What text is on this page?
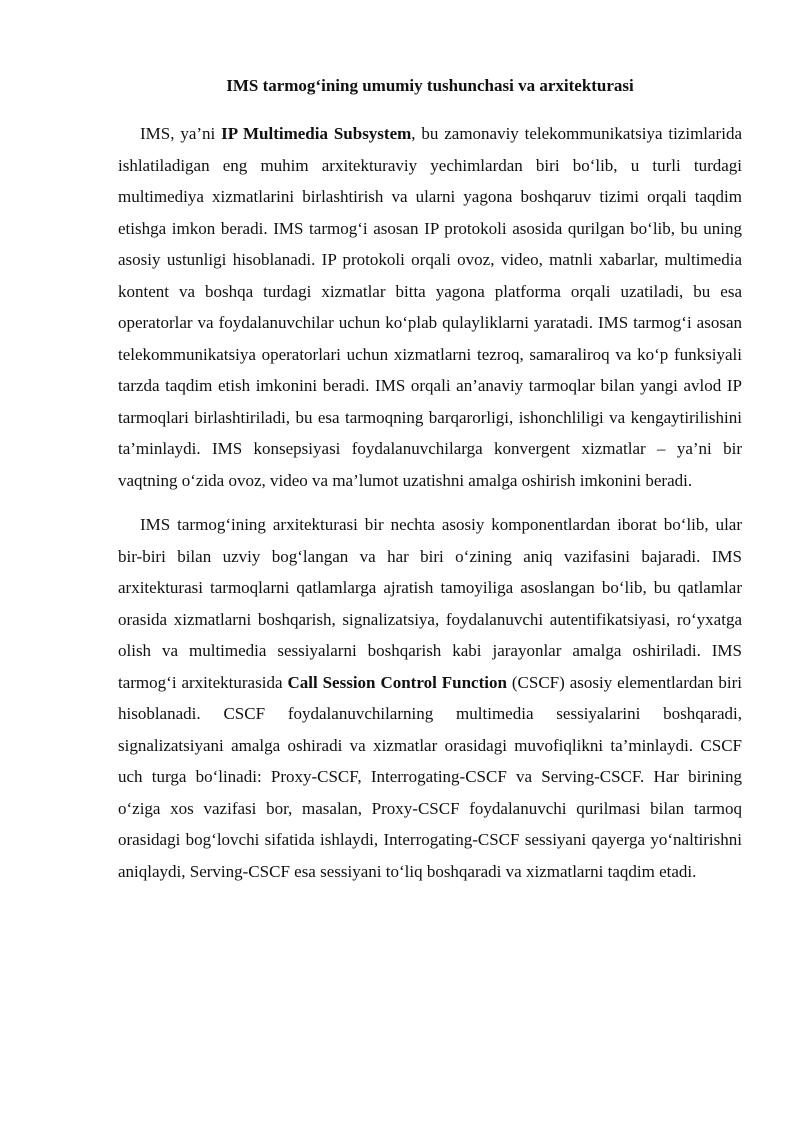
IMS tarmog‘ining umumiy tushunchasi va arxitekturasi

IMS, ya’ni IP Multimedia Subsystem, bu zamonaviy telekommunikatsiya tizimlarida ishlatiladigan eng muhim arxitekturaviy yechimlardan biri bo‘lib, u turli turdagi multimediya xizmatlarini birlashtirish va ularni yagona boshqaruv tizimi orqali taqdim etishga imkon beradi. IMS tarmog‘i asosan IP protokoli asosida qurilgan bo‘lib, bu uning asosiy ustunligi hisoblanadi. IP protokoli orqali ovoz, video, matnli xabarlar, multimedia kontent va boshqa turdagi xizmatlar bitta yagona platforma orqali uzatiladi, bu esa operatorlar va foydalanuvchilar uchun ko‘plab qulayliklarni yaratadi. IMS tarmog‘i asosan telekommunikatsiya operatorlari uchun xizmatlarni tezroq, samaraliroq va ko‘p funksiyali tarzda taqdim etish imkonini beradi. IMS orqali an’anaviy tarmoqlar bilan yangi avlod IP tarmoqlari birlashtiriladi, bu esa tarmoqning barqarorligi, ishonchliligi va kengaytirilishini ta’minlaydi. IMS konsepsiyasi foydalanuvchilarga konvergent xizmatlar – ya’ni bir vaqtning o‘zida ovoz, video va ma’lumot uzatishni amalga oshirish imkonini beradi.

IMS tarmog‘ining arxitekturasi bir nechta asosiy komponentlardan iborat bo‘lib, ular bir-biri bilan uzviy bog‘langan va har biri o‘zining aniq vazifasini bajaradi. IMS arxitekturasi tarmoqlarni qatlamlarga ajratish tamoyiliga asoslangan bo‘lib, bu qatlamlar orasida xizmatlarni boshqarish, signalizatsiya, foydalanuvchi autentifikatsiyasi, ro‘yxatga olish va multimedia sessiyalarni boshqarish kabi jarayonlar amalga oshiriladi. IMS tarmog‘i arxitekturasida Call Session Control Function (CSCF) asosiy elementlardan biri hisoblanadi. CSCF foydalanuvchilarning multimedia sessiyalarini boshqaradi, signalizatsiyani amalga oshiradi va xizmatlar orasidagi muvofiqlikni ta’minlaydi. CSCF uch turga bo‘linadi: Proxy-CSCF, Interrogating-CSCF va Serving-CSCF. Har birining o‘ziga xos vazifasi bor, masalan, Proxy-CSCF foydalanuvchi qurilmasi bilan tarmoq orasidagi bog‘lovchi sifatida ishlaydi, Interrogating-CSCF sessiyani qayerga yo‘naltirishni aniqlaydi, Serving-CSCF esa sessiyani to‘liq boshqaradi va xizmatlarni taqdim etadi.
